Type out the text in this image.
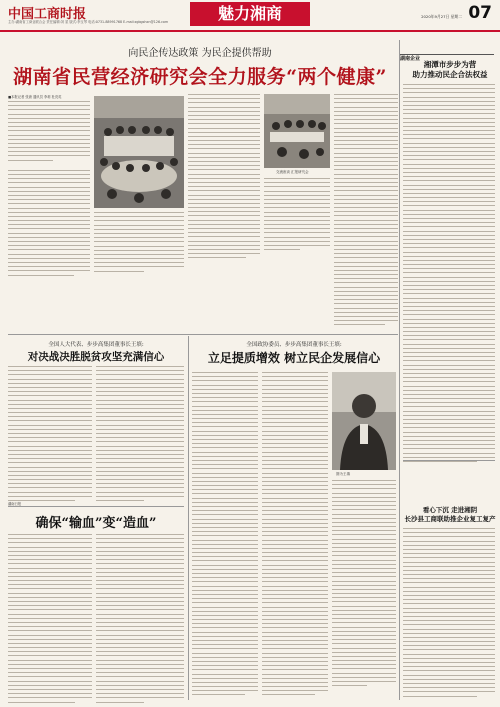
中国工商时报
主办:湖南省工商业联合会 责任编辑:刘 星 版式:李玉琴 电话:0731-88991768 E-mail:zgbgshxn@126.com	魅力湘商	2020年9月27日 星期二 07
向民企传达政策 为民企提供帮助
湖南省民营经济研究会全力服务“两个健康”
■本报记者 张唐 通讯员 李莉 杜亮英
交流座谈 汇报研究会
湖南企业
湘潭市步步为营
助力推动民企合法权益
看心下沉 走进湘阴
长沙县工商联助推企业复工复产
全国人大代表、步步高集团董事长王填:
对决战决胜脱贫攻坚充满信心
确保“输血”变“造血”
湖南日报
全国政协委员、步步高集团董事长王填:
立足提质增效 树立民企发展信心
图为王填
